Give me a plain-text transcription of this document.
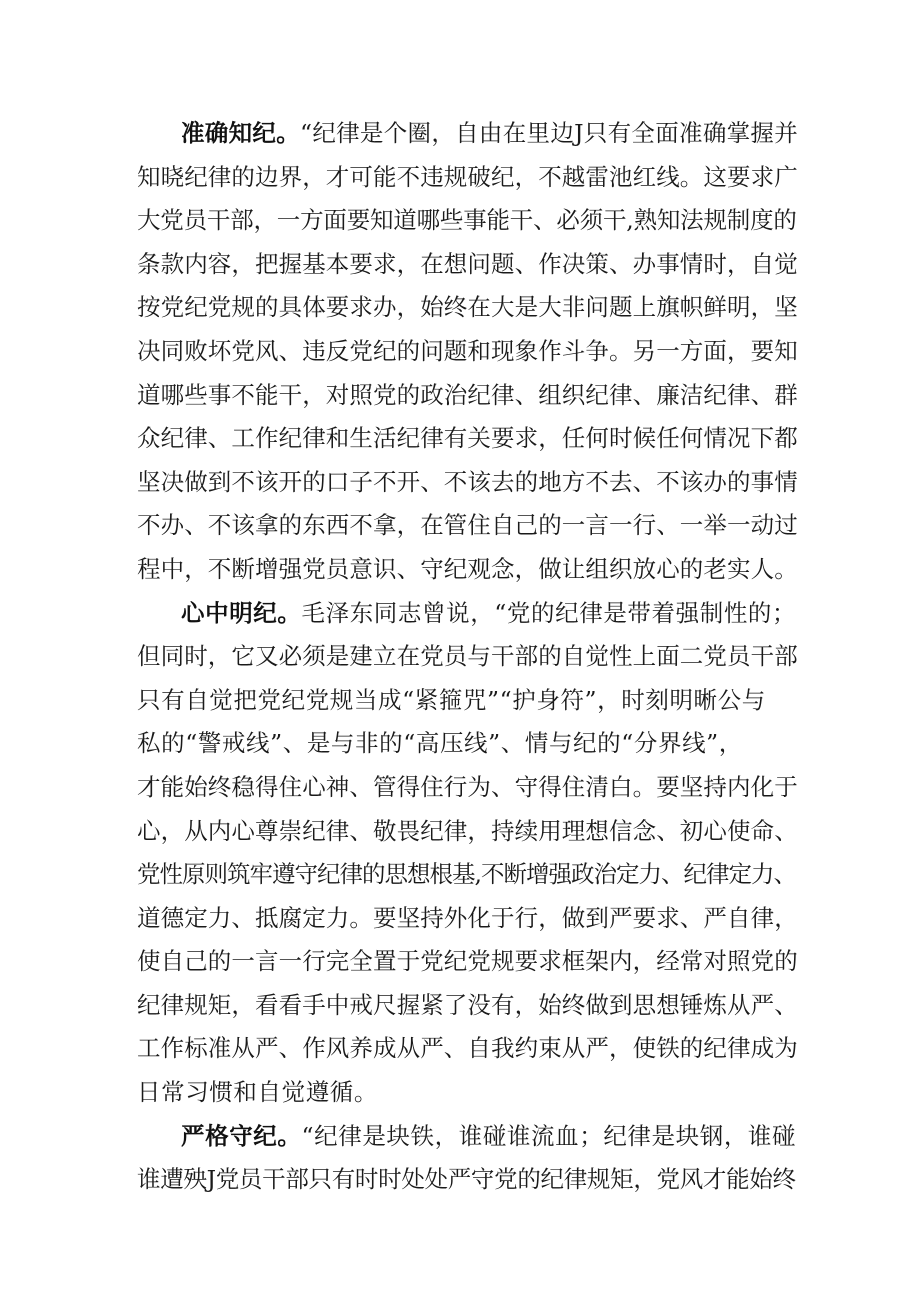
准确知纪。“纪律是个圈，自由在里边J只有全面准确掌握并
知晓纪律的边界，才可能不违规破纪，不越雷池红线。这要求广
大党员干部，一方面要知道哪些事能干、必须干,熟知法规制度的
条款内容，把握基本要求，在想问题、作决策、办事情时，自觉
按党纪党规的具体要求办，始终在大是大非问题上旗帜鲜明，坚
决同败坏党风、违反党纪的问题和现象作斗争。另一方面，要知
道哪些事不能干，对照党的政治纪律、组织纪律、廉洁纪律、群
众纪律、工作纪律和生活纪律有关要求，任何时候任何情况下都
坚决做到不该开的口子不开、不该去的地方不去、不该办的事情
不办、不该拿的东西不拿，在管住自己的一言一行、一举一动过
程中，不断增强党员意识、守纪观念，做让组织放心的老实人。
心中明纪。毛泽东同志曾说，“党的纪律是带着强制性的；
但同时，它又必须是建立在党员与干部的自觉性上面二党员干部
只有自觉把党纪党规当成“紧箍咒”“护身符”，时刻明晰公与
私的“警戒线”、是与非的“高压线”、情与纪的“分界线”，
才能始终稳得住心神、管得住行为、守得住清白。要坚持内化于
心，从内心尊崇纪律、敬畏纪律，持续用理想信念、初心使命、
党性原则筑牢遵守纪律的思想根基,不断增强政治定力、纪律定力、
道德定力、抵腐定力。要坚持外化于行，做到严要求、严自律，
使自己的一言一行完全置于党纪党规要求框架内，经常对照党的
纪律规矩，看看手中戒尺握紧了没有，始终做到思想锤炼从严、
工作标准从严、作风养成从严、自我约束从严，使铁的纪律成为
日常习惯和自觉遵循。
严格守纪。“纪律是块铁，谁碰谁流血；纪律是块钢，谁碰
谁遭殃J党员干部只有时时处处严守党的纪律规矩，党风才能始终
